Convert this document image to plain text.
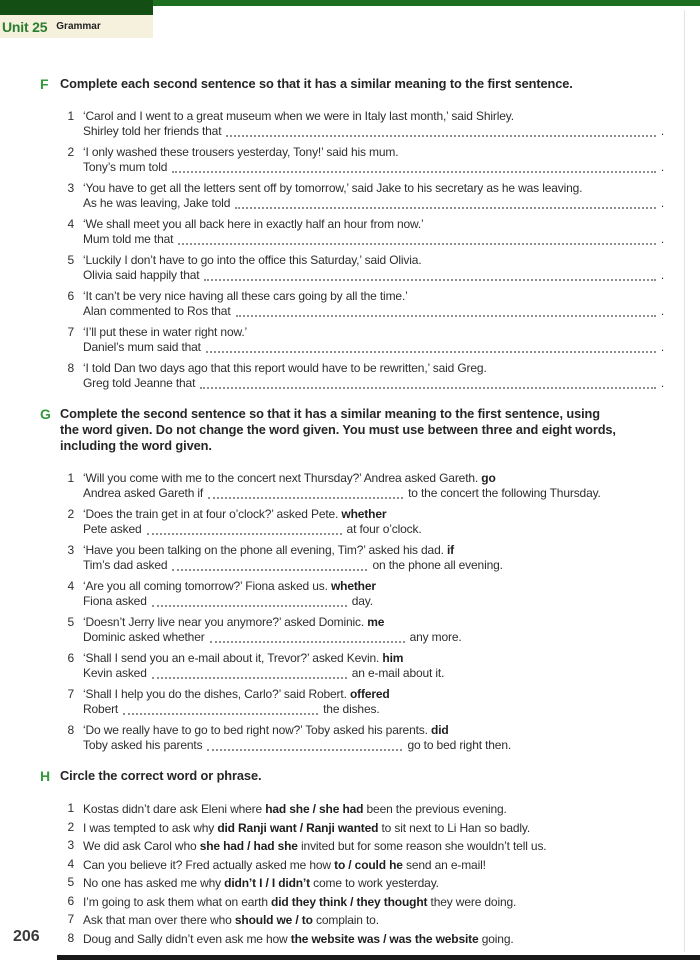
Unit 25 Grammar
F Complete each second sentence so that it has a similar meaning to the first sentence.
1 ‘Carol and I went to a great museum when we were in Italy last month,’ said Shirley.
Shirley told her friends that	.
2 ‘I only washed these trousers yesterday, Tony!’ said his mum.
Tony’s mum told	.
3 ‘You have to get all the letters sent off by tomorrow,’ said Jake to his secretary as he was leaving.
As he was leaving, Jake told	.
4 ‘We shall meet you all back here in exactly half an hour from now.’
Mum told me that	.
5 ‘Luckily I don’t have to go into the office this Saturday,’ said Olivia.
Olivia said happily that	.
6 ‘It can’t be very nice having all these cars going by all the time.’
Alan commented to Ros that	.
7 ‘I’ll put these in water right now.’
Daniel’s mum said that	.
8 ‘I told Dan two days ago that this report would have to be rewritten,’ said Greg.
Greg told Jeanne that	.
G Complete the second sentence so that it has a similar meaning to the first sentence, using the word given. Do not change the word given. You must use between three and eight words, including the word given.
1 ‘Will you come with me to the concert next Thursday?’ Andrea asked Gareth. go
Andrea asked Gareth if	to the concert the following Thursday.
2 ‘Does the train get in at four o’clock?’ asked Pete. whether
Pete asked	at four o’clock.
3 ‘Have you been talking on the phone all evening, Tim?’ asked his dad. if
Tim’s dad asked	on the phone all evening.
4 ‘Are you all coming tomorrow?’ Fiona asked us. whether
Fiona asked	day.
5 ‘Doesn’t Jerry live near you anymore?’ asked Dominic. me
Dominic asked whether	any more.
6 ‘Shall I send you an e-mail about it, Trevor?’ asked Kevin. him
Kevin asked	an e-mail about it.
7 ‘Shall I help you do the dishes, Carlo?’ said Robert. offered
Robert	the dishes.
8 ‘Do we really have to go to bed right now?’ Toby asked his parents. did
Toby asked his parents	go to bed right then.
H Circle the correct word or phrase.
1 Kostas didn’t dare ask Eleni where had she / she had been the previous evening.
2 I was tempted to ask why did Ranji want / Ranji wanted to sit next to Li Han so badly.
3 We did ask Carol who she had / had she invited but for some reason she wouldn’t tell us.
4 Can you believe it? Fred actually asked me how to / could he send an e-mail!
5 No one has asked me why didn’t I / I didn’t come to work yesterday.
6 I’m going to ask them what on earth did they think / they thought they were doing.
7 Ask that man over there who should we / to complain to.
8 Doug and Sally didn’t even ask me how the website was / was the website going.
206
